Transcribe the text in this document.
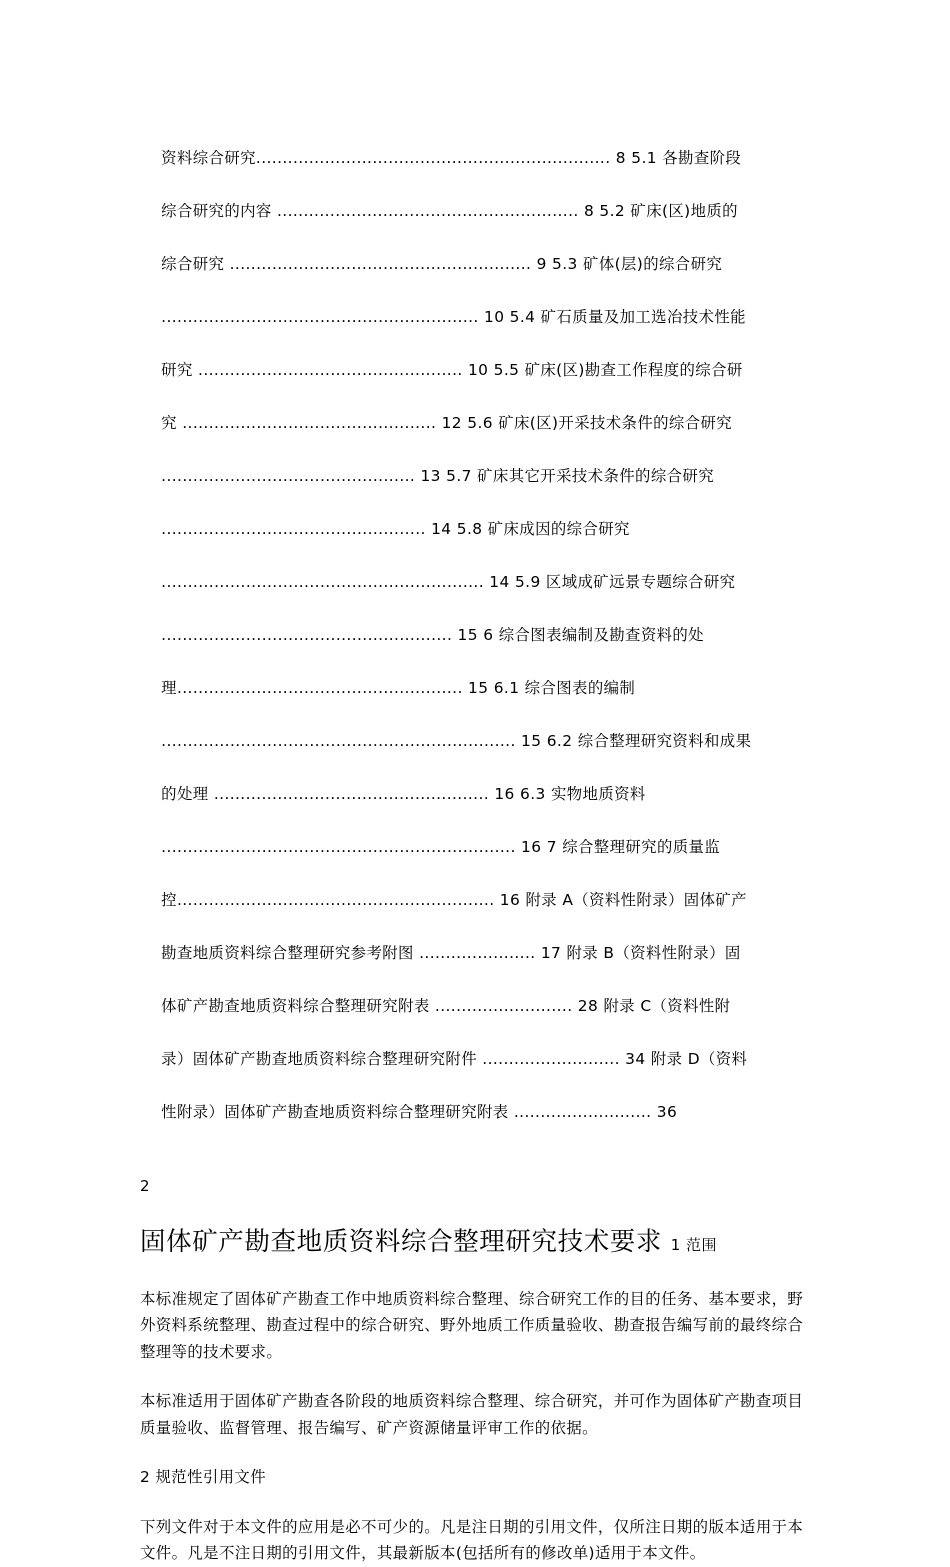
资料综合研究................................................................... 8 5.1 各勘查阶段

综合研究的内容 ......................................................... 8 5.2 矿床(区)地质的

综合研究 ......................................................... 9 5.3 矿体(层)的综合研究

............................................................ 10 5.4 矿石质量及加工选冶技术性能

研究 .................................................. 10 5.5 矿床(区)勘查工作程度的综合研

究 ................................................ 12 5.6 矿床(区)开采技术条件的综合研究

................................................ 13 5.7 矿床其它开采技术条件的综合研究

.................................................. 14 5.8 矿床成因的综合研究

............................................................. 14 5.9 区域成矿远景专题综合研究

....................................................... 15 6 综合图表编制及勘查资料的处

理...................................................... 15 6.1 综合图表的编制

................................................................... 15 6.2 综合整理研究资料和成果

的处理 .................................................... 16 6.3 实物地质资料

................................................................... 16 7 综合整理研究的质量监

控............................................................ 16 附录 A（资料性附录）固体矿产

勘查地质资料综合整理研究参考附图 ...................... 17 附录 B（资料性附录）固

体矿产勘查地质资料综合整理研究附表 .......................... 28 附录 C（资料性附

录）固体矿产勘查地质资料综合整理研究附件 .......................... 34 附录 D（资料

性附录）固体矿产勘查地质资料综合整理研究附表 .......................... 36

2

固体矿产勘查地质资料综合整理研究技术要求 1 范围

本标准规定了固体矿产勘查工作中地质资料综合整理、综合研究工作的目的任务、基本要求，野外资料系统整理、勘查过程中的综合研究、野外地质工作质量验收、勘查报告编写前的最终综合整理等的技术要求。

本标准适用于固体矿产勘查各阶段的地质资料综合整理、综合研究，并可作为固体矿产勘查项目质量验收、监督管理、报告编写、矿产资源储量评审工作的依据。

2 规范性引用文件

下列文件对于本文件的应用是必不可少的。凡是注日期的引用文件，仅所注日期的版本适用于本文件。凡是不注日期的引用文件，其最新版本(包括所有的修改单)适用于本文件。
